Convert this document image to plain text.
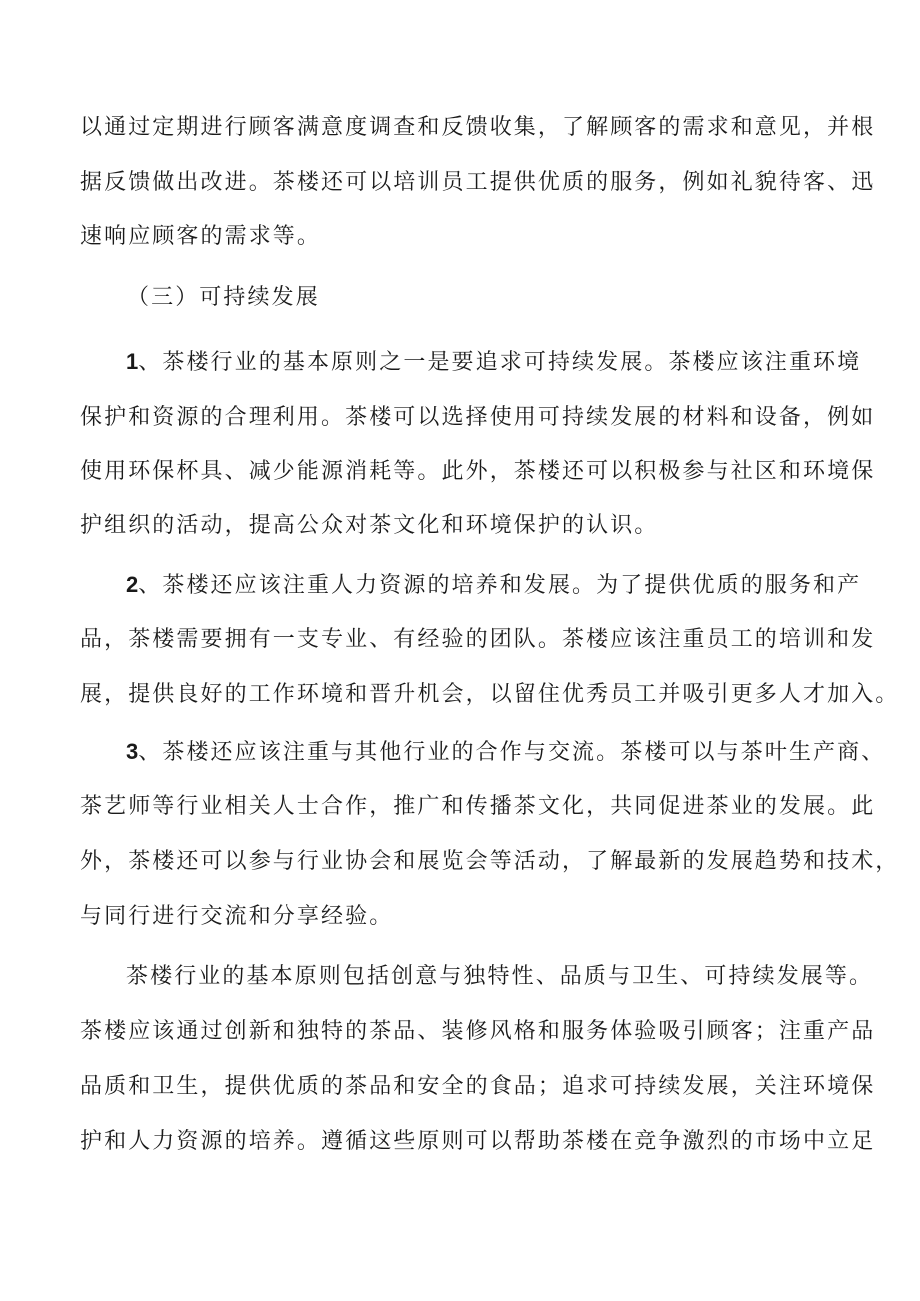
以通过定期进行顾客满意度调查和反馈收集，了解顾客的需求和意见，并根
据反馈做出改进。茶楼还可以培训员工提供优质的服务，例如礼貌待客、迅
速响应顾客的需求等。
（三）可持续发展
1、茶楼行业的基本原则之一是要追求可持续发展。茶楼应该注重环境
保护和资源的合理利用。茶楼可以选择使用可持续发展的材料和设备，例如
使用环保杯具、减少能源消耗等。此外，茶楼还可以积极参与社区和环境保
护组织的活动，提高公众对茶文化和环境保护的认识。
2、茶楼还应该注重人力资源的培养和发展。为了提供优质的服务和产
品，茶楼需要拥有一支专业、有经验的团队。茶楼应该注重员工的培训和发
展，提供良好的工作环境和晋升机会，以留住优秀员工并吸引更多人才加入。
3、茶楼还应该注重与其他行业的合作与交流。茶楼可以与茶叶生产商、
茶艺师等行业相关人士合作，推广和传播茶文化，共同促进茶业的发展。此
外，茶楼还可以参与行业协会和展览会等活动，了解最新的发展趋势和技术，
与同行进行交流和分享经验。
茶楼行业的基本原则包括创意与独特性、品质与卫生、可持续发展等。
茶楼应该通过创新和独特的茶品、装修风格和服务体验吸引顾客；注重产品
品质和卫生，提供优质的茶品和安全的食品；追求可持续发展，关注环境保
护和人力资源的培养。遵循这些原则可以帮助茶楼在竞争激烈的市场中立足
